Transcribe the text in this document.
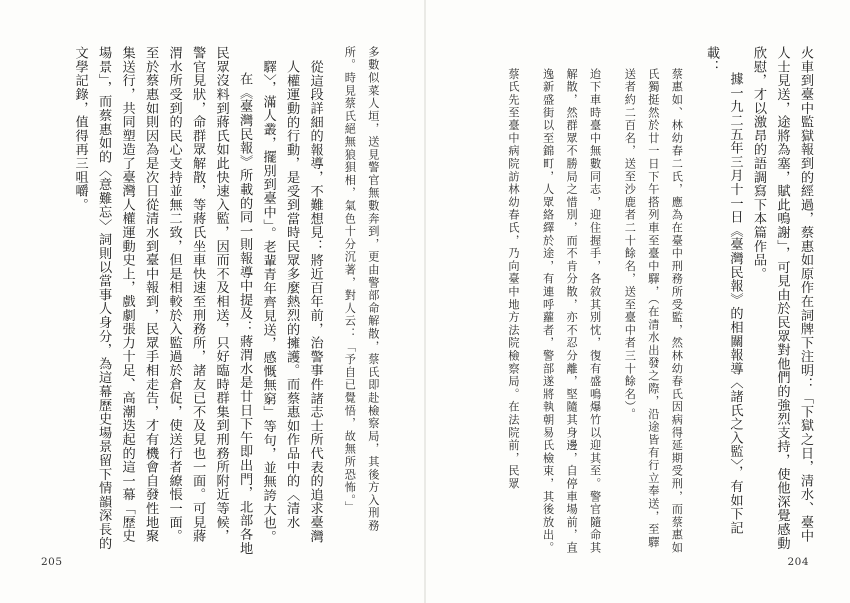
多數似菜人垣，送見警官無數奔到，更由警部命解散，蔡氏即赴檢察局，其後方入刑務所。時見蔡氏絕無狼狽相，氣色十分沉著，對人云：「予自已覺悟，故無所恐怖。」

從這段詳細的報導，不難想見：將近百年前，治警事件諸志士所代表的追求臺灣人權運動的行動，是受到當時民眾多麼熱烈的擁護。而蔡惠如作品中的〈清水驛〉，滿人叢，擺別到臺中」。老輩青年齊見送，感慨無窮」等句，並無誇大也。

在《臺灣民報》所載的同一則報導中提及：蔣渭水是廿日下午即出門，北部各地民眾沒料到蔣氏如此快速入監，因而不及相送，只好臨時群集到刑務所附近等候，警官見狀，命群眾解散，等蔣氏坐車快速至刑務所，諸友已不及見也一面。可見蔣渭水所受到的民心支持並無二致，但是相較於入監過於倉促，使送行者繚悵一面。至於蔡惠如則因為是次日從清水到臺中報到，民眾手相走告，才有機會自發性地聚集送行，共同塑造了臺灣人權運動史上，戲劇張力十足、高潮迭起的這一幕「歷史場景」，而蔡惠如的〈意難忘〉詞則以當事人身分，為這幕歷史場景留下情韻深長的文學記錄，值得再三咀嚼。

205

火車到臺中監獄報到的經過，蔡惠如原作在詞牌下注明：「下獄之日，清水、臺中人士見送，途將為塞，賦此鳴謝」，可見由於民眾對他們的強烈支持，使他深覺感動欣慰，才以激昂的語調寫下本篇作品。

據一九二五年三月十一日《臺灣民報》的相關報導〈諸氏之入監〉，有如下記載：

蔡惠如、林幼春二氏，應為在臺中刑務所受監，然林幼春氏因病得延期受刑，而蔡惠如氏獨挺然於廿一日下午搭列車至臺中驛，（在清水出發之際，沿途皆有行立奉送，至驛送者約二百名，送至沙鹿者二十餘名，送至臺中者三十餘名）。

迨下車時臺中無數同志，迎住握手，各敘其別忱，復有盛鳴爆竹以迎其至。警官隨命其解散，然群眾不勝局之惜別，而不肯分散，亦不忍分離，堅隨其身邊，自停車場前，直逸新盛街以至錦町，人眾絡繹於途，有連呼蘿者，警部遂將執朝易氏檢束，其後放出。

蔡氏先至臺中病院訪林幼春氏，乃向臺中地方法院檢察局。在法院前，民眾

204
